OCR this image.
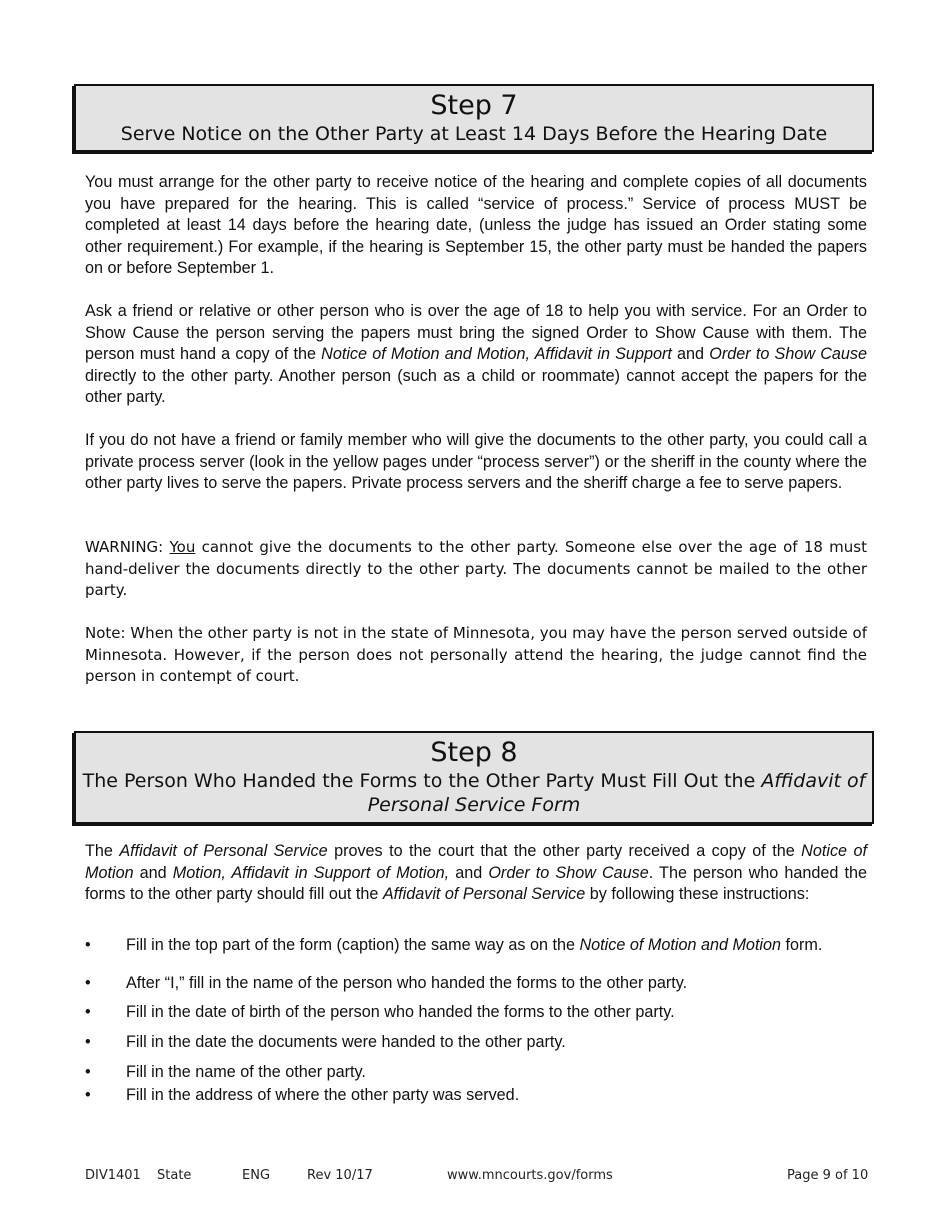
Step 7
Serve Notice on the Other Party at Least 14 Days Before the Hearing Date

You must arrange for the other party to receive notice of the hearing and complete copies of all documents you have prepared for the hearing. This is called “service of process.” Service of process MUST be completed at least 14 days before the hearing date, (unless the judge has issued an Order stating some other requirement.) For example, if the hearing is September 15, the other party must be handed the papers on or before September 1.

Ask a friend or relative or other person who is over the age of 18 to help you with service. For an Order to Show Cause the person serving the papers must bring the signed Order to Show Cause with them. The person must hand a copy of the Notice of Motion and Motion, Affidavit in Support and Order to Show Cause directly to the other party. Another person (such as a child or roommate) cannot accept the papers for the other party.

If you do not have a friend or family member who will give the documents to the other party, you could call a private process server (look in the yellow pages under “process server”) or the sheriff in the county where the other party lives to serve the papers. Private process servers and the sheriff charge a fee to serve papers.

WARNING: You cannot give the documents to the other party. Someone else over the age of 18 must hand-deliver the documents directly to the other party. The documents cannot be mailed to the other party.

Note: When the other party is not in the state of Minnesota, you may have the person served outside of Minnesota. However, if the person does not personally attend the hearing, the judge cannot find the person in contempt of court.

Step 8
The Person Who Handed the Forms to the Other Party Must Fill Out the Affidavit of Personal Service Form

The Affidavit of Personal Service proves to the court that the other party received a copy of the Notice of Motion and Motion, Affidavit in Support of Motion, and Order to Show Cause. The person who handed the forms to the other party should fill out the Affidavit of Personal Service by following these instructions:

• Fill in the top part of the form (caption) the same way as on the Notice of Motion and Motion form.
• After “I,” fill in the name of the person who handed the forms to the other party.
• Fill in the date of birth of the person who handed the forms to the other party.
• Fill in the date the documents were handed to the other party.
• Fill in the name of the other party.
• Fill in the address of where the other party was served.
DIV1401 State	ENG	Rev 10/17	www.mncourts.gov/forms	Page 9 of 10
